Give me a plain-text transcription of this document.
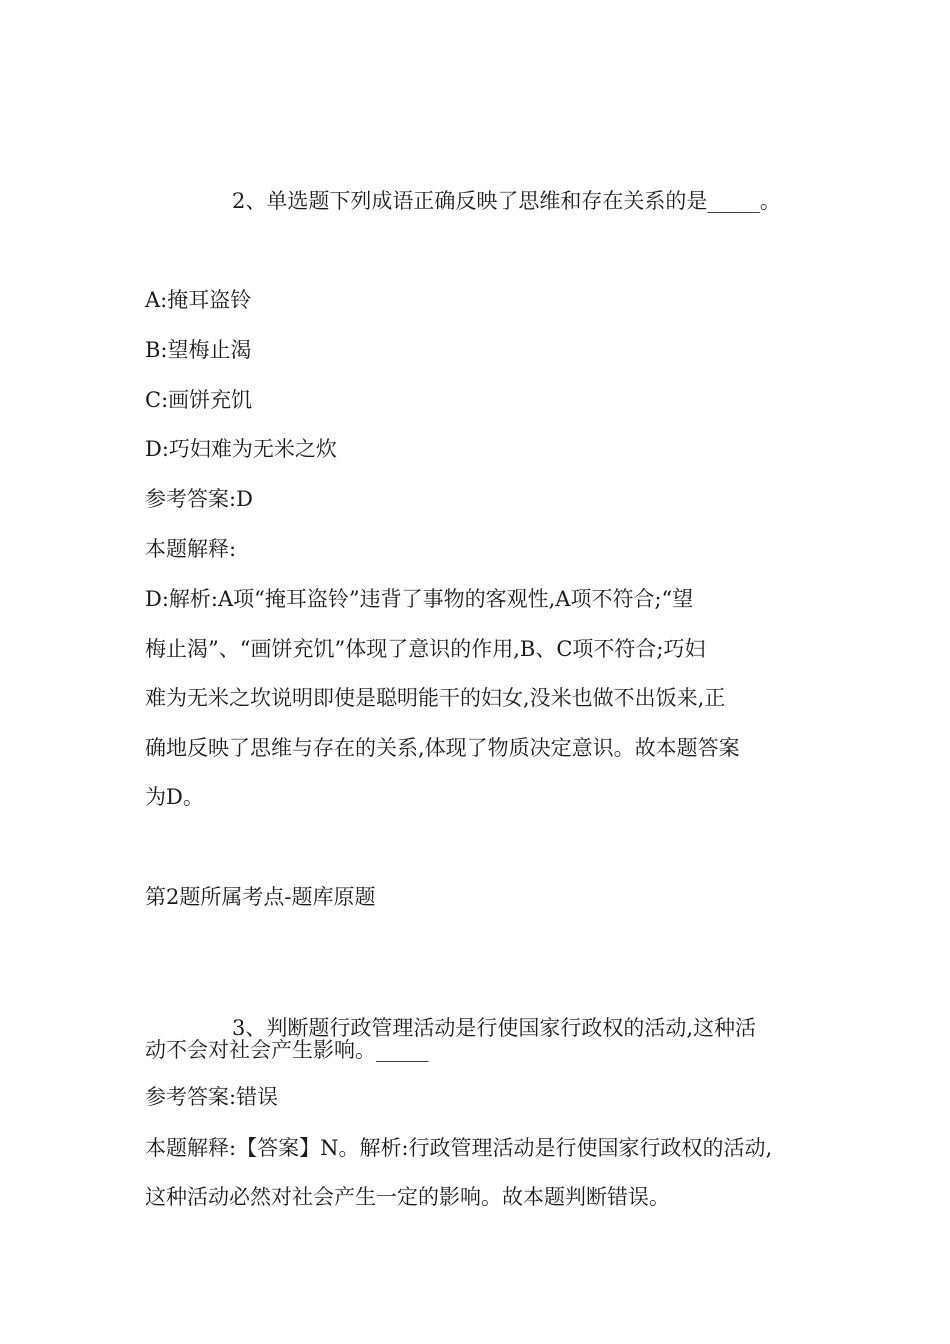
2、单选题下列成语正确反映了思维和存在关系的是_____。
A:掩耳盗铃
B:望梅止渴
C:画饼充饥
D:巧妇难为无米之炊
参考答案:D
本题解释:
D:解析:A项“掩耳盗铃”违背了事物的客观性,A项不符合;“望
梅止渴”、“画饼充饥”体现了意识的作用,B、C项不符合;巧妇
难为无米之坎说明即使是聪明能干的妇女,没米也做不出饭来,正
确地反映了思维与存在的关系,体现了物质决定意识。故本题答案
为D。
第2题所属考点-题库原题
3、判断题行政管理活动是行使国家行政权的活动,这种活
动不会对社会产生影响。_____
参考答案:错误
本题解释:【答案】N。解析:行政管理活动是行使国家行政权的活动,
这种活动必然对社会产生一定的影响。故本题判断错误。
